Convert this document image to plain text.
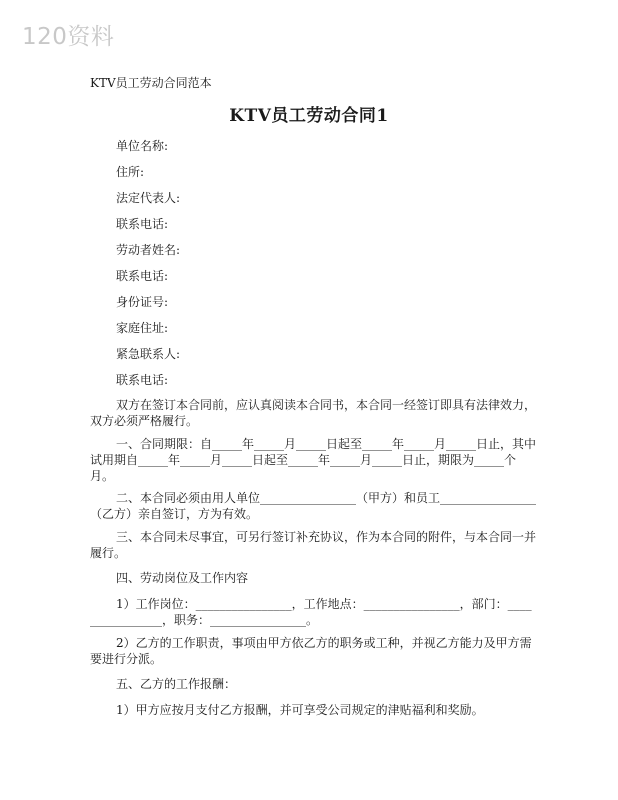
120资料
KTV员工劳动合同范本
KTV员工劳动合同1
单位名称:
住所:
法定代表人:
联系电话:
劳动者姓名:
联系电话:
身份证号:
家庭住址:
紧急联系人:
联系电话:
双方在签订本合同前，应认真阅读本合同书，本合同一经签订即具有法律效力，双方必须严格履行。
一、合同期限：自_____年_____月_____日起至_____年_____月_____日止，其中试用期自_____年_____月_____日起至_____年_____月_____日止，期限为_____个月。
二、本合同必须由用人单位________________（甲方）和员工________________（乙方）亲自签订，方为有效。
三、本合同未尽事宜，可另行签订补充协议，作为本合同的附件，与本合同一并履行。
四、劳动岗位及工作内容
1）工作岗位：________________，工作地点：________________，部门：________________，职务：________________。
2）乙方的工作职责，事项由甲方依乙方的职务或工种，并视乙方能力及甲方需要进行分派。
五、乙方的工作报酬：
1）甲方应按月支付乙方报酬，并可享受公司规定的津贴福利和奖励。
